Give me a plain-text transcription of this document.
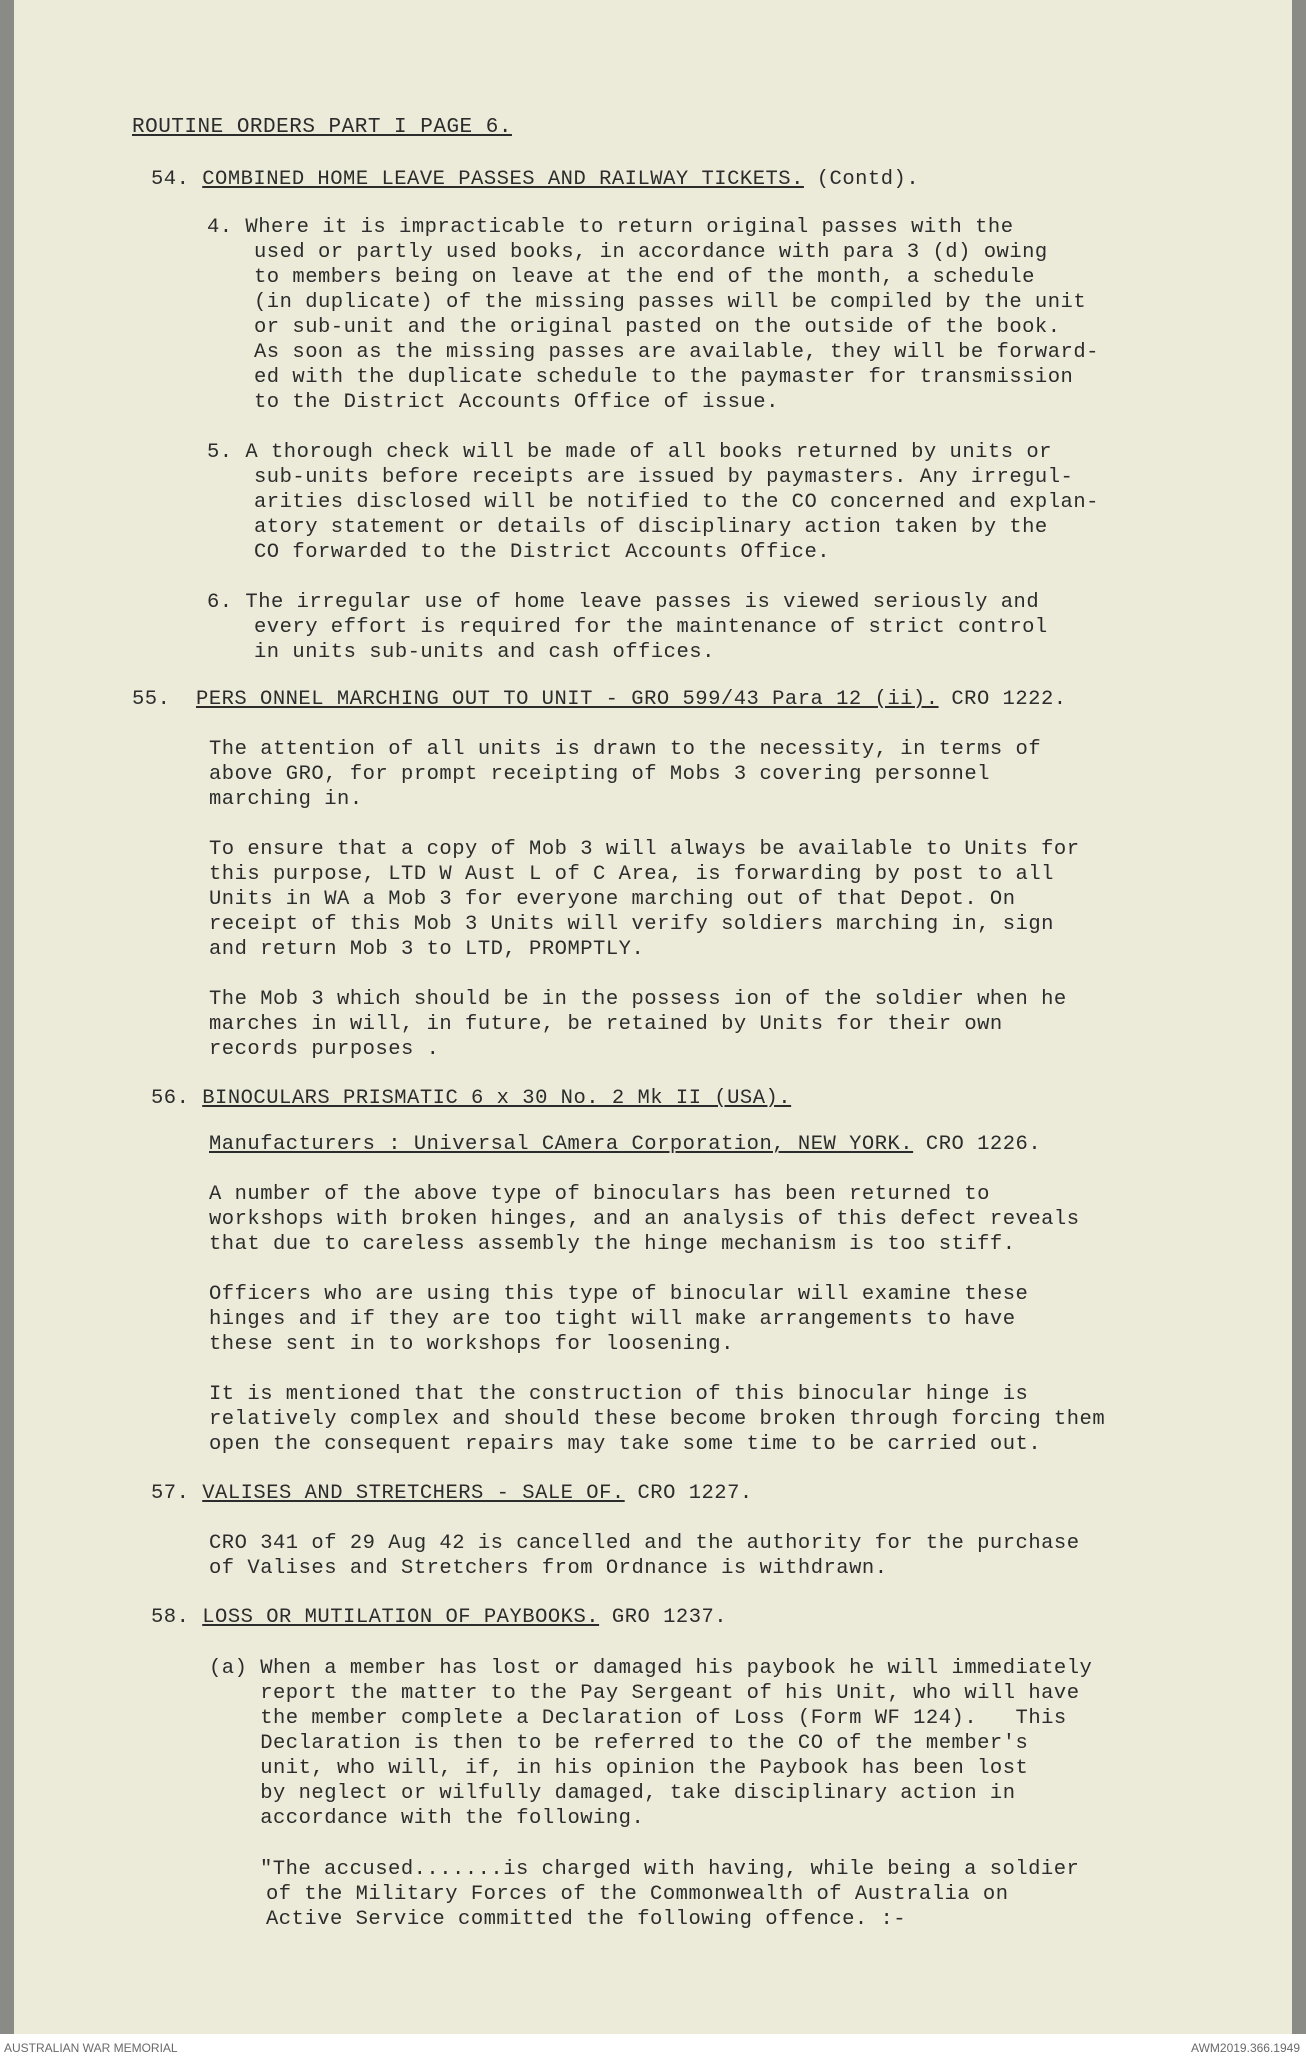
ROUTINE ORDERS PART I PAGE 6.
54. COMBINED HOME LEAVE PASSES AND RAILWAY TICKETS. (Contd).
4. Where it is impracticable to return original passes with the
used or partly used books, in accordance with para 3 (d) owing
to members being on leave at the end of the month, a schedule
(in duplicate) of the missing passes will be compiled by the unit
or sub-unit and the original pasted on the outside of the book.
As soon as the missing passes are available, they will be forward-
ed with the duplicate schedule to the paymaster for transmission
to the District Accounts Office of issue.
5. A thorough check will be made of all books returned by units or
sub-units before receipts are issued by paymasters. Any irregul-
arities disclosed will be notified to the CO concerned and explan-
atory statement or details of disciplinary action taken by the
CO forwarded to the District Accounts Office.
6. The irregular use of home leave passes is viewed seriously and
every effort is required for the maintenance of strict control
in units sub-units and cash offices.
55. PERS ONNEL MARCHING OUT TO UNIT - GRO 599/43 Para 12 (ii). CRO 1222.
The attention of all units is drawn to the necessity, in terms of
above GRO, for prompt receipting of Mobs 3 covering personnel
marching in.
To ensure that a copy of Mob 3 will always be available to Units for
this purpose, LTD W Aust L of C Area, is forwarding by post to all
Units in WA a Mob 3 for everyone marching out of that Depot. On
receipt of this Mob 3 Units will verify soldiers marching in, sign
and return Mob 3 to LTD, PROMPTLY.
The Mob 3 which should be in the possess ion of the soldier when he
marches in will, in future, be retained by Units for their own
records purposes .
56. BINOCULARS PRISMATIC 6 x 30 No. 2 Mk II (USA).
Manufacturers : Universal CAmera Corporation, NEW YORK. CRO 1226.
A number of the above type of binoculars has been returned to
workshops with broken hinges, and an analysis of this defect reveals
that due to careless assembly the hinge mechanism is too stiff.
Officers who are using this type of binocular will examine these
hinges and if they are too tight will make arrangements to have
these sent in to workshops for loosening.
It is mentioned that the construction of this binocular hinge is
relatively complex and should these become broken through forcing them
open the consequent repairs may take some time to be carried out.
57. VALISES AND STRETCHERS - SALE OF. CRO 1227.
CRO 341 of 29 Aug 42 is cancelled and the authority for the purchase
of Valises and Stretchers from Ordnance is withdrawn.
58. LOSS OR MUTILATION OF PAYBOOKS. GRO 1237.
(a) When a member has lost or damaged his paybook he will immediately
report the matter to the Pay Sergeant of his Unit, who will have
the member complete a Declaration of Loss (Form WF 124).   This
Declaration is then to be referred to the CO of the member's
unit, who will, if, in his opinion the Paybook has been lost
by neglect or wilfully damaged, take disciplinary action in
accordance with the following.
"The accused.......is charged with having, while being a soldier
of the Military Forces of the Commonwealth of Australia on
Active Service committed the following offence. :-
AUSTRALIAN WAR MEMORIAL	AWM2019.366.1949
